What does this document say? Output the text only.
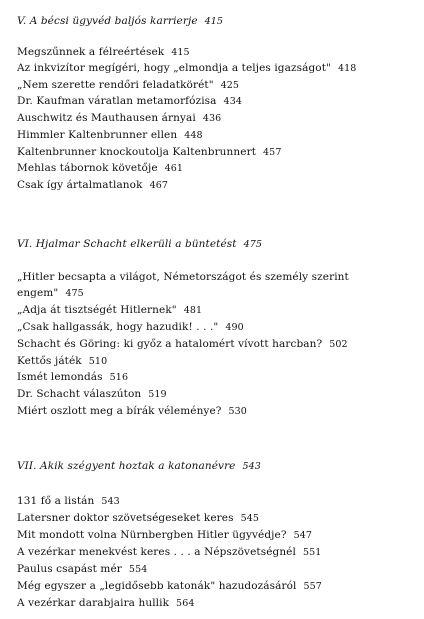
V. A bécsi ügyvéd baljós karrierje 415
Megszűnnek a félreértések 415
Az inkvizítor megígéri, hogy „elmondja a teljes igazságot" 418
„Nem szerette rendőri feladatkörét" 425
Dr. Kaufman váratlan metamorfózisa 434
Auschwitz és Mauthausen árnyai 436
Himmler Kaltenbrunner ellen 448
Kaltenbrunner knockoutolja Kaltenbrunnert 457
Mehlas tábornok követője 461
Csak így ártalmatlanok 467
VI. Hjalmar Schacht elkerüli a büntetést 475
„Hitler becsapta a világot, Németországot és személy szerint
engem" 475
„Adja át tisztségét Hitlernek" 481
„Csak hallgassák, hogy hazudik! . . ." 490
Schacht és Göring: ki győz a hatalomért vívott harcban? 502
Kettős játék 510
Ismét lemondás 516
Dr. Schacht válaszúton 519
Miért oszlott meg a bírák véleménye? 530
VII. Akik szégyent hoztak a katonanévre 543
131 fő a listán 543
Latersner doktor szövetségeseket keres 545
Mit mondott volna Nürnbergben Hitler ügyvédje? 547
A vezérkar menekvést keres . . . a Népszövetségnél 551
Paulus csapást mér 554
Még egyszer a „legidősebb katonák" hazudozásáról 557
A vezérkar darabjaira hullik 564
